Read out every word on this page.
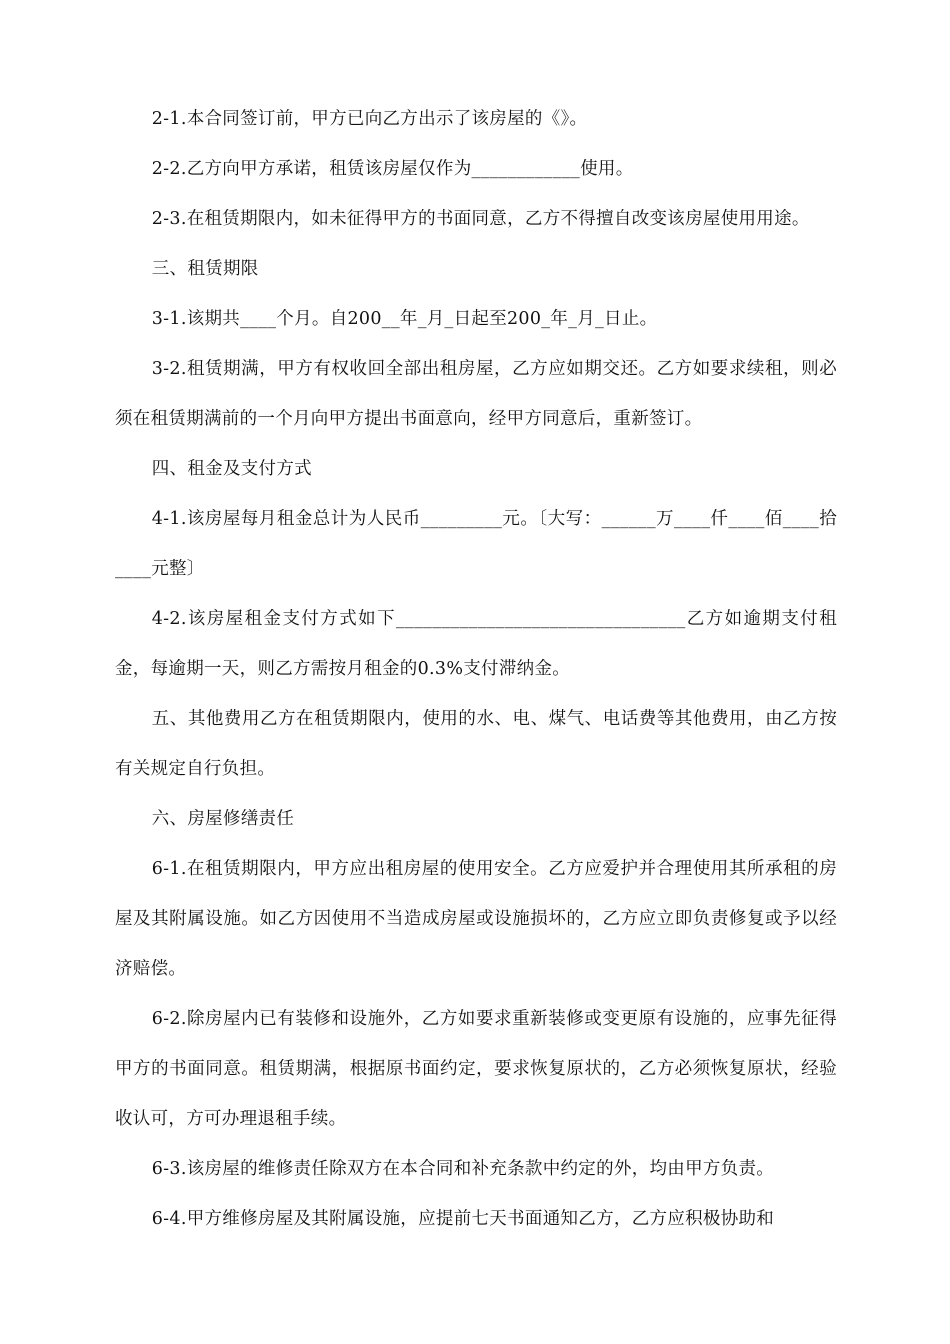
2-1.本合同签订前，甲方已向乙方出示了该房屋的《》。

2-2.乙方向甲方承诺，租赁该房屋仅作为____________使用。

2-3.在租赁期限内，如未征得甲方的书面同意，乙方不得擅自改变该房屋使用用途。

三、租赁期限

3-1.该期共____个月。自200__年_月_日起至200_年_月_日止。

3-2.租赁期满，甲方有权收回全部出租房屋，乙方应如期交还。乙方如要求续租，则必须在租赁期满前的一个月向甲方提出书面意向，经甲方同意后，重新签订。

四、租金及支付方式

4-1.该房屋每月租金总计为人民币_________元。〔大写：______万____仟____佰____拾____元整〕

4-2.该房屋租金支付方式如下________________________________乙方如逾期支付租金，每逾期一天，则乙方需按月租金的0.3%支付滞纳金。

五、其他费用乙方在租赁期限内，使用的水、电、煤气、电话费等其他费用，由乙方按有关规定自行负担。

六、房屋修缮责任

6-1.在租赁期限内，甲方应出租房屋的使用安全。乙方应爱护并合理使用其所承租的房屋及其附属设施。如乙方因使用不当造成房屋或设施损坏的，乙方应立即负责修复或予以经济赔偿。

6-2.除房屋内已有装修和设施外，乙方如要求重新装修或变更原有设施的，应事先征得甲方的书面同意。租赁期满，根据原书面约定，要求恢复原状的，乙方必须恢复原状，经验收认可，方可办理退租手续。

6-3.该房屋的维修责任除双方在本合同和补充条款中约定的外，均由甲方负责。

6-4.甲方维修房屋及其附属设施，应提前七天书面通知乙方，乙方应积极协助和
